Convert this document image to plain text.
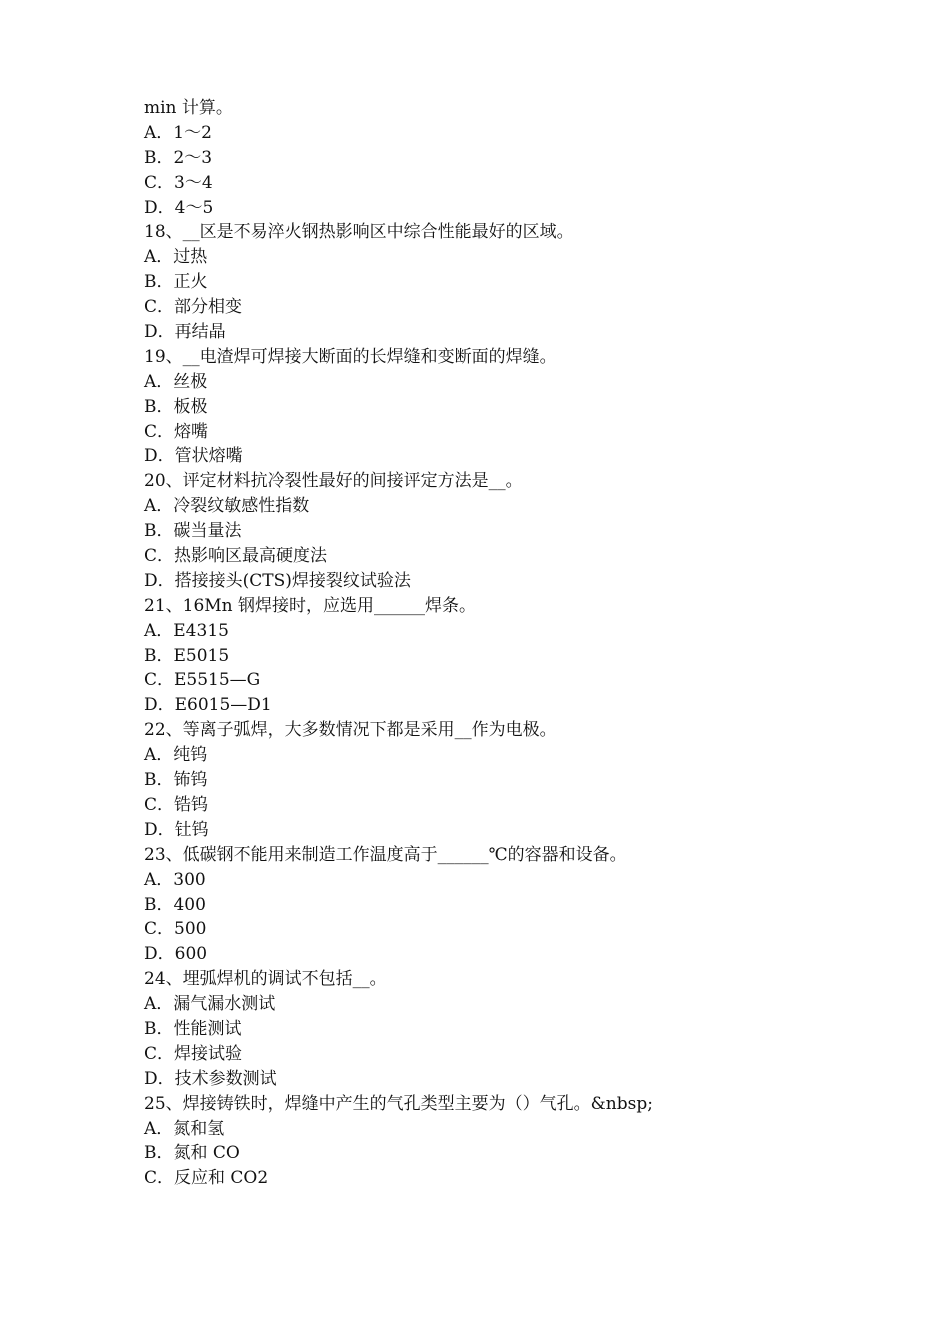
min 计算。
A．1～2
B．2～3
C．3～4
D．4～5
18、__区是不易淬火钢热影响区中综合性能最好的区域。
A．过热
B．正火
C．部分相变
D．再结晶
19、__电渣焊可焊接大断面的长焊缝和变断面的焊缝。
A．丝极
B．板极
C．熔嘴
D．管状熔嘴
20、评定材料抗冷裂性最好的间接评定方法是__。
A．冷裂纹敏感性指数
B．碳当量法
C．热影响区最高硬度法
D．搭接接头(CTS)焊接裂纹试验法
21、16Mn 钢焊接时，应选用______焊条。
A．E4315
B．E5015
C．E5515—G
D．E6015—D1
22、等离子弧焊，大多数情况下都是采用__作为电极。
A．纯钨
B．钸钨
C．锆钨
D．钍钨
23、低碳钢不能用来制造工作温度高于______℃的容器和设备。
A．300
B．400
C．500
D．600
24、埋弧焊机的调试不包括__。
A．漏气漏水测试
B．性能测试
C．焊接试验
D．技术参数测试
25、焊接铸铁时，焊缝中产生的气孔类型主要为（）气孔。&nbsp;
A．氮和氢
B．氮和 CO
C．反应和 CO2
